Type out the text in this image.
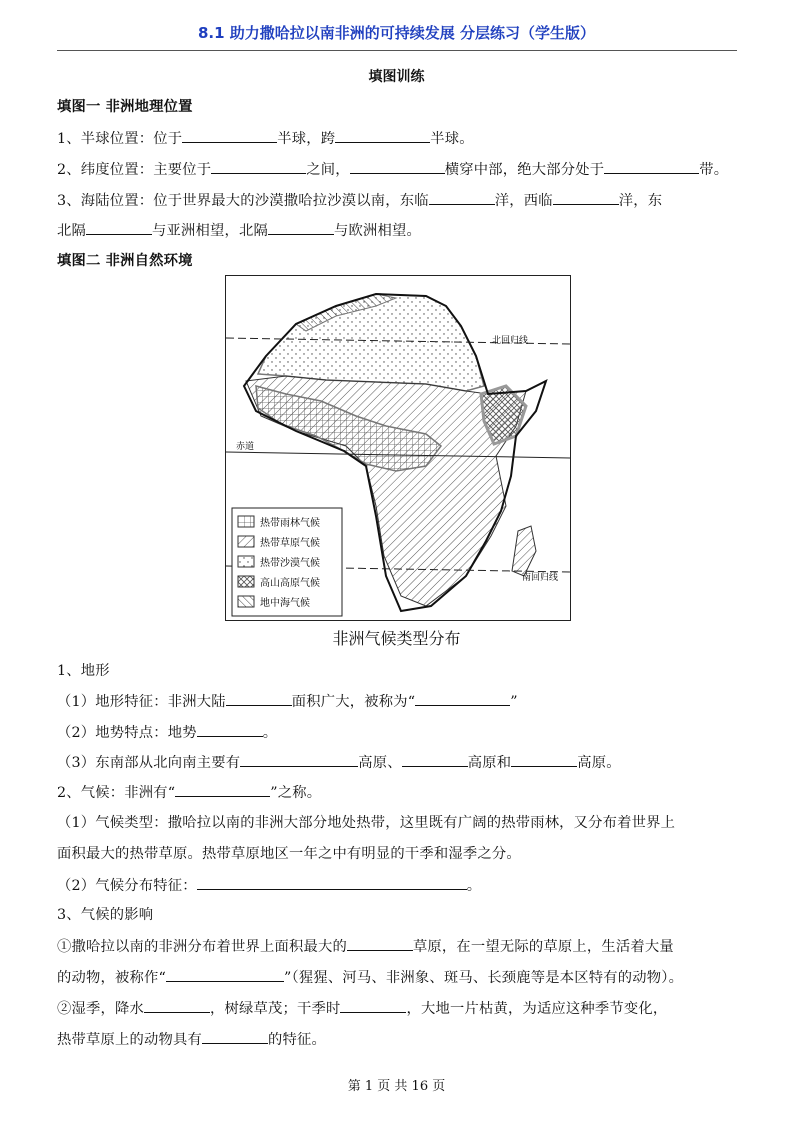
8.1 助力撒哈拉以南非洲的可持续发展 分层练习（学生版）
填图训练
填图一 非洲地理位置
1、半球位置：位于	半球，跨	半球。
2、纬度位置：主要位于	之间，	横穿中部，绝大部分处于	带。
3、海陆位置：位于世界最大的沙漠撒哈拉沙漠以南，东临	洋，西临	洋，东
北隔	与亚洲相望，北隔	与欧洲相望。
填图二 非洲自然环境
北回归线
赤道
南回归线
热带雨林气候
热带草原气候
热带沙漠气候
高山高原气候
地中海气候
非洲气候类型分布
1、地形
（1）地形特征：非洲大陆	面积广大，被称为“	”
（2）地势特点：地势	。
（3）东南部从北向南主要有	高原、	高原和	高原。
2、气候：非洲有“	”之称。
（1）气候类型：撒哈拉以南的非洲大部分地处热带，这里既有广阔的热带雨林，又分布着世界上
面积最大的热带草原。热带草原地区一年之中有明显的干季和湿季之分。
（2）气候分布特征：	。
3、气候的影响
①撒哈拉以南的非洲分布着世界上面积最大的	草原，在一望无际的草原上，生活着大量
的动物，被称作“	”（猩猩、河马、非洲象、斑马、长颈鹿等是本区特有的动物）。
②湿季，降水	，树绿草茂；干季时	，大地一片枯黄，为适应这种季节变化，
热带草原上的动物具有	的特征。
第 1 页 共 16 页
